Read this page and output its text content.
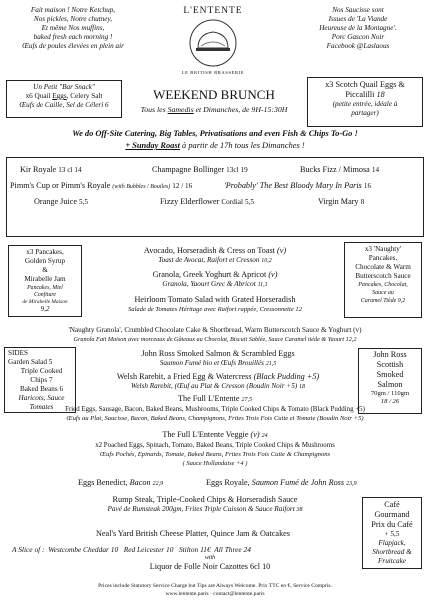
Fait maison ! Notre Ketchup,
Nos pickles, Notre chutney,
Et même Nos muffins,
baked fresh each morning !
Œufs de poules élevées en plein air
L'ENTENTE
LE BRITISH BRASSERIE
Nos Saucisse sont
Issues de 'La Viande
Heureuse de la Montagne'.
Porc Gascon Noir
Facebook @Laslaous
Un Petit "Bar Snack"
x6 Quail Eggs, Celery Salt
Œufs de Caille, Sel de Céleri 6
x3 Scotch Quail Eggs &
Piccalilli 18
(petite entrée, idéale à
partager)
WEEKEND BRUNCH
Tous les Samedis et Dimanches, de 9H-15:30H
We do Off-Site Catering, Big Tables, Privatisations and even Fish & Chips To-Go !
+ Sunday Roast à partir de 17h tous les Dimanches !
Kir Royale 13 cl 14	Champagne Bollinger 13cl 19	Bucks Fizz / Mimosa 14
Pimm's Cup or Pimm's Royale (with Bubbles / Bouiles) 12 / 16	'Probably' The Best Bloody Mary In Paris 16
Orange Juice 5,5	Fizzy Elderflower Cordial 5,5	Virgin Mary 8
x3 Pancakes,
Golden Syrup
&
Mirabelle Jam
Pancakes, Miel
Confiture
de Mirabelle Maison
9,2
x3 'Naughty'
Pancakes,
Chocolate & Warm
Butterscotch Sauce
Pancakes, Chocolat,
Sauce au
Caramel Tiède 9,2
Avocado, Horseradish & Cress on Toast (v)
Toast de Avocat, Raifort et Cresson 10,2
Granola, Greek Yoghurt & Apricot (v)
Granola, Yaourt Grec & Abricot 11,1
Heirloom Tomato Salad with Grated Horseradish
Salade de Tomates Héritage avec Raifort rappée, Cressonnette 12
'Naughty Granola', Crumbled Chocolate Cake & Shortbread, Warm Butterscotch Sauce & Yoghurt (v)
Granola Fait Maison avec morceaux de Gâteaux au Chocolat, Biscuit Sablée, Sauce Caramel tiéde & Yaourt 12,2
SIDES
Garden Salad 5
Triple Cooked
Chips 7
Baked Beans 6
Haricots, Sauce
Tomates
John Ross
Scottish
Smoked
Salmon
70gm / 110gm
18 / 26
John Ross Smoked Salmon & Scrambled Eggs
Saumon Fumé bio et Œufs Brouillés 21,5
Welsh Rarebit, a Fried Egg & Watercress (Black Pudding +5)
Welsh Rarebit, (Œuf au Plat & Cresson (Boudin Noir +5) 18
The Full L'Entente 27,5
Fried Eggs, Sausage, Bacon, Baked Beans, Mushrooms, Triple Cooked Chips & Tomato (Black Pudding +5)
Œufs au Plat, Saucisse, Bacon, Baked Beans, Champignons, Frites Trois Fois Cuite et Tomate (Boudin Noir +5)
The Full L'Entente Veggie (v) 24
x2 Poached Eggs, Spinach, Tomato, Baked Beans, Triple Cooked Chips & Mushrooms
Œufs Pochés, Epinards, Tomate, Baked Beans, Frites Trois Fois Cuite & Champignons
( Sauce Hollandaise +4 )
Eggs Benedict, Bacon 22,9	Eggs Royale, Saumon Fumé de John Ross 23,9
Rump Steak, Triple-Cooked Chips & Horseradish Sauce
Pavé de Rumsteak 200gm, Frites Triple Cuisson & Sauce Raifort 38
Café
Gourmand
Prix du Café
+ 5,5
Flapjack,
Shortbread &
Fruitcake
Neal's Yard British Cheese Platter, Quince Jam & Oatcakes
A Slice of : Westcombe Cheddar 10 Red Leicester 10 Stilton 11€ All Three 24
with
Liquor de Folle Noir Cazottes 6cl 10
Prices include Statutory Service Charge but Tips are Always Welcome. Prix TTC en €, Service Compris.
www.lentente.paris · contact@lentente.paris
